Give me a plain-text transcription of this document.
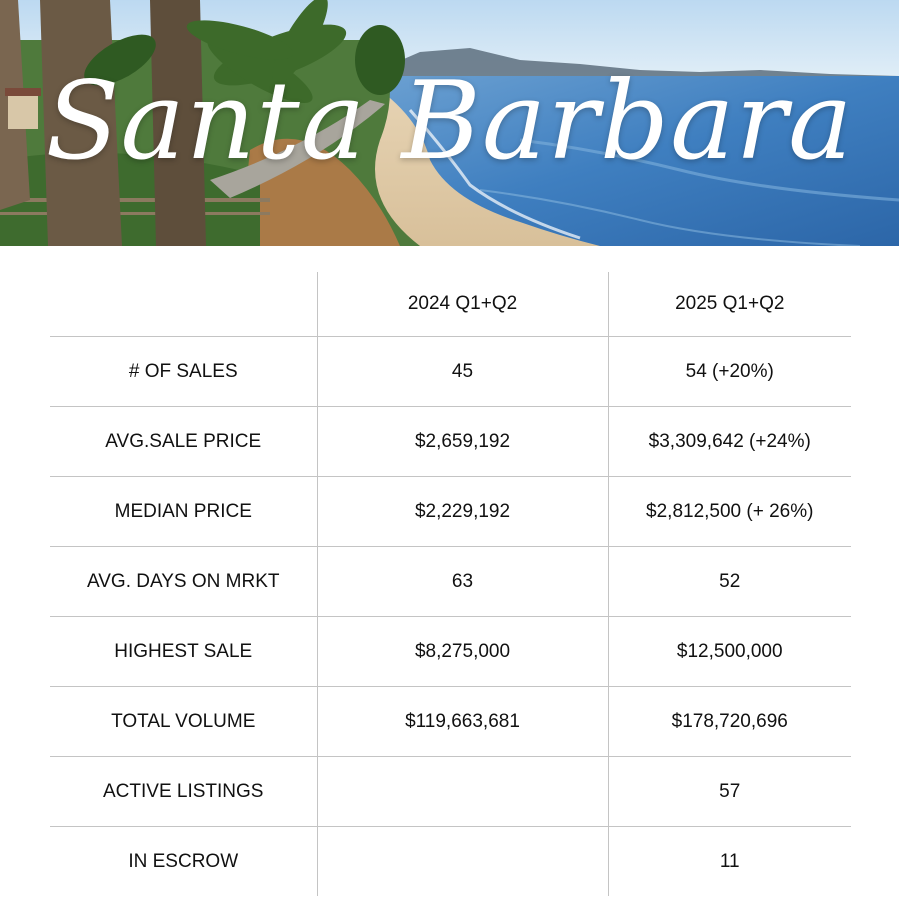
Santa Barbara
	2024 Q1+Q2	2025 Q1+Q2
# OF SALES	45	54 (+20%)
AVG.SALE PRICE	$2,659,192	$3,309,642 (+24%)
MEDIAN PRICE	$2,229,192	$2,812,500 (+ 26%)
AVG. DAYS ON MRKT	63	52
HIGHEST SALE	$8,275,000	$12,500,000
TOTAL VOLUME	$119,663,681	$178,720,696
ACTIVE LISTINGS		57
IN ESCROW		11
